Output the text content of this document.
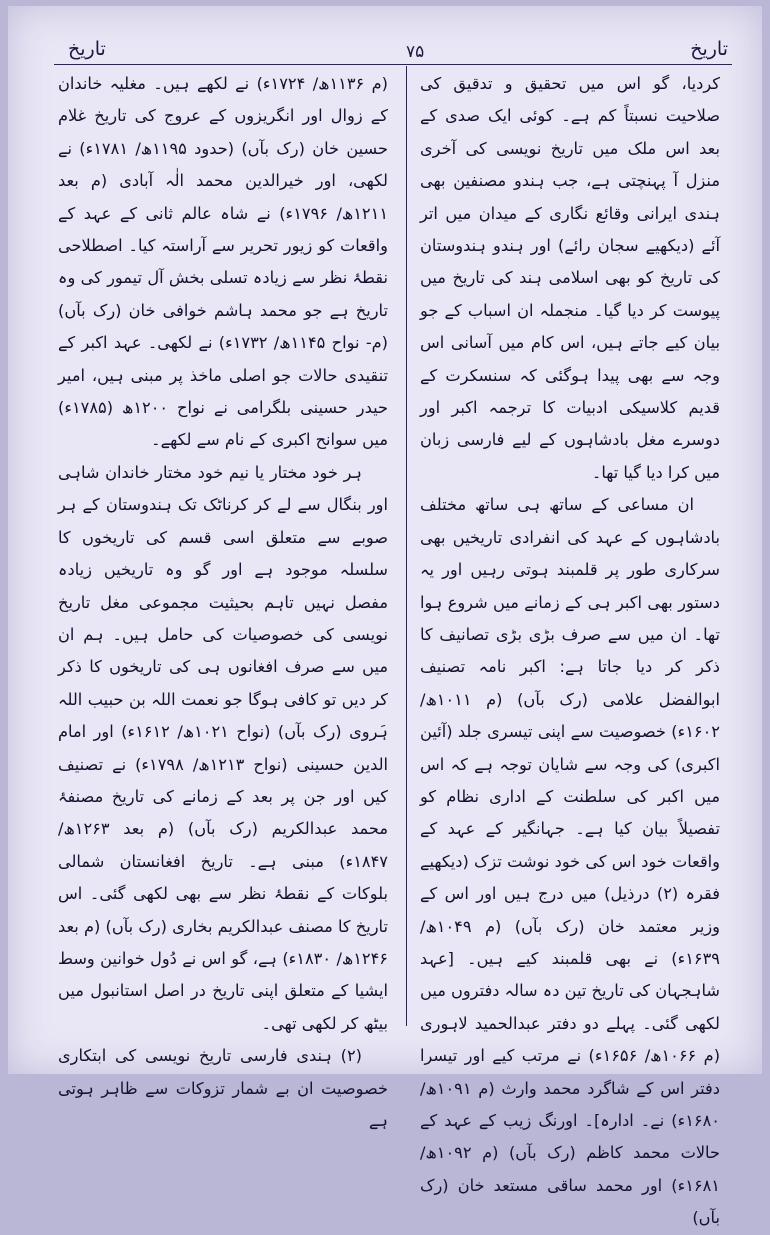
تاریخ	۷۵	تاریخ

کردیا، گو اس میں تحقیق و تدقیق کی صلاحیت نسبتاً کم ہے۔ کوئی ایک صدی کے بعد اس ملک میں تاریخ نویسی کی آخری منزل آ پہنچتی ہے، جب ہندو مصنفین بھی ہندی ایرانی وقائع نگاری کے میدان میں اتر آئے (دیکھیے سجان رائے) اور ہندو ہندوستان کی تاریخ کو بھی اسلامی ہند کی تاریخ میں پیوست کر دیا گیا۔ منجملہ ان اسباب کے جو بیان کیے جاتے ہیں، اس کام میں آسانی اس وجہ سے بھی پیدا ہوگئی کہ سنسکرت کے قدیم کلاسیکی ادبیات کا ترجمہ اکبر اور دوسرے مغل بادشاہوں کے لیے فارسی زبان میں کرا دیا گیا تھا۔

ان مساعی کے ساتھ ہی ساتھ مختلف بادشاہوں کے عہد کی انفرادی تاریخیں بھی سرکاری طور پر قلمبند ہوتی رہیں اور یہ دستور بھی اکبر ہی کے زمانے میں شروع ہوا تھا۔ ان میں سے صرف بڑی بڑی تصانیف کا ذکر کر دیا جاتا ہے: اکبر نامہ تصنیف ابوالفضل علامی (رک بآں) (م ۱۰۱۱ھ/ ۱۶۰۲ء) خصوصیت سے اپنی تیسری جلد (آئین اکبری) کی وجہ سے شایان توجہ ہے کہ اس میں اکبر کی سلطنت کے اداری نظام کو تفصیلاً بیان کیا ہے۔ جہانگیر کے عہد کے واقعات خود اس کی خود نوشت تزک (دیکھیے فقرہ (۲) درذیل) میں درج ہیں اور اس کے وزیر معتمد خان (رک بآں) (م ۱۰۴۹ھ/ ۱۶۳۹ء) نے بھی قلمبند کیے ہیں۔ [عہد شاہجہان کی تاریخ تین دہ سالہ دفتروں میں لکھی گئی۔ پہلے دو دفتر عبدالحمید لاہوری (م ۱۰۶۶ھ/ ۱۶۵۶ء) نے مرتب کیے اور تیسرا دفتر اس کے شاگرد محمد وارث (م ۱۰۹۱ھ/ ۱۶۸۰ء) نے۔ ادارہ]۔ اورنگ زیب کے عہد کے حالات محمد کاظم (رک بآں) (م ۱۰۹۲ھ/ ۱۶۸۱ء) اور محمد ساقی مستعد خان (رک بآں)

(م ۱۱۳۶ھ/ ۱۷۲۴ء) نے لکھے ہیں۔ مغلیہ خاندان کے زوال اور انگریزوں کے عروج کی تاریخ غلام حسین خان (رک بآں) (حدود ۱۱۹۵ھ/ ۱۷۸۱ء) نے لکھی، اور خیرالدین محمد الٰہ آبادی (م بعد ۱۲۱۱ھ/ ۱۷۹۶ء) نے شاہ عالم ثانی کے عہد کے واقعات کو زیور تحریر سے آراستہ کیا۔ اصطلاحی نقطۂ نظر سے زیادہ تسلی بخش آل تیمور کی وہ تاریخ ہے جو محمد ہاشم خوافی خان (رک بآں) (م- نواح ۱۱۴۵ھ/ ۱۷۳۲ء) نے لکھی۔ عہد اکبر کے تنقیدی حالات جو اصلی ماخذ پر مبنی ہیں، امیر حیدر حسینی بلگرامی نے نواح ۱۲۰۰ھ (۱۷۸۵ء) میں سوانح اکبری کے نام سے لکھے۔

ہر خود مختار یا نیم خود مختار خاندان شاہی اور بنگال سے لے کر کرناٹک تک ہندوستان کے ہر صوبے سے متعلق اسی قسم کی تاریخوں کا سلسلہ موجود ہے اور گو وہ تاریخیں زیادہ مفصل نہیں تاہم بحیثیت مجموعی مغل تاریخ نویسی کی خصوصیات کی حامل ہیں۔ ہم ان میں سے صرف افغانوں ہی کی تاریخوں کا ذکر کر دیں تو کافی ہوگا جو نعمت اللہ بن حبیب اللہ ہَروی (رک بآں) (نواح ۱۰۲۱ھ/ ۱۶۱۲ء) اور امام الدین حسینی (نواح ۱۲۱۳ھ/ ۱۷۹۸ء) نے تصنیف کیں اور جن پر بعد کے زمانے کی تاریخ مصنفۂ محمد عبدالکریم (رک بآں) (م بعد ۱۲۶۳ھ/ ۱۸۴۷ء) مبنی ہے۔ تاریخ افغانستان شمالی بلوکات کے نقطۂ نظر سے بھی لکھی گئی۔ اس تاریخ کا مصنف عبدالکریم بخاری (رک بآں) (م بعد ۱۲۴۶ھ/ ۱۸۳۰ء) ہے، گو اس نے دُول خوانین وسط ایشیا کے متعلق اپنی تاریخ در اصل استانبول میں بیٹھ کر لکھی تھی۔

(۲) ہندی فارسی تاریخ نویسی کی ابتکاری خصوصیت ان بے شمار تزوکات سے ظاہر ہوتی ہے
